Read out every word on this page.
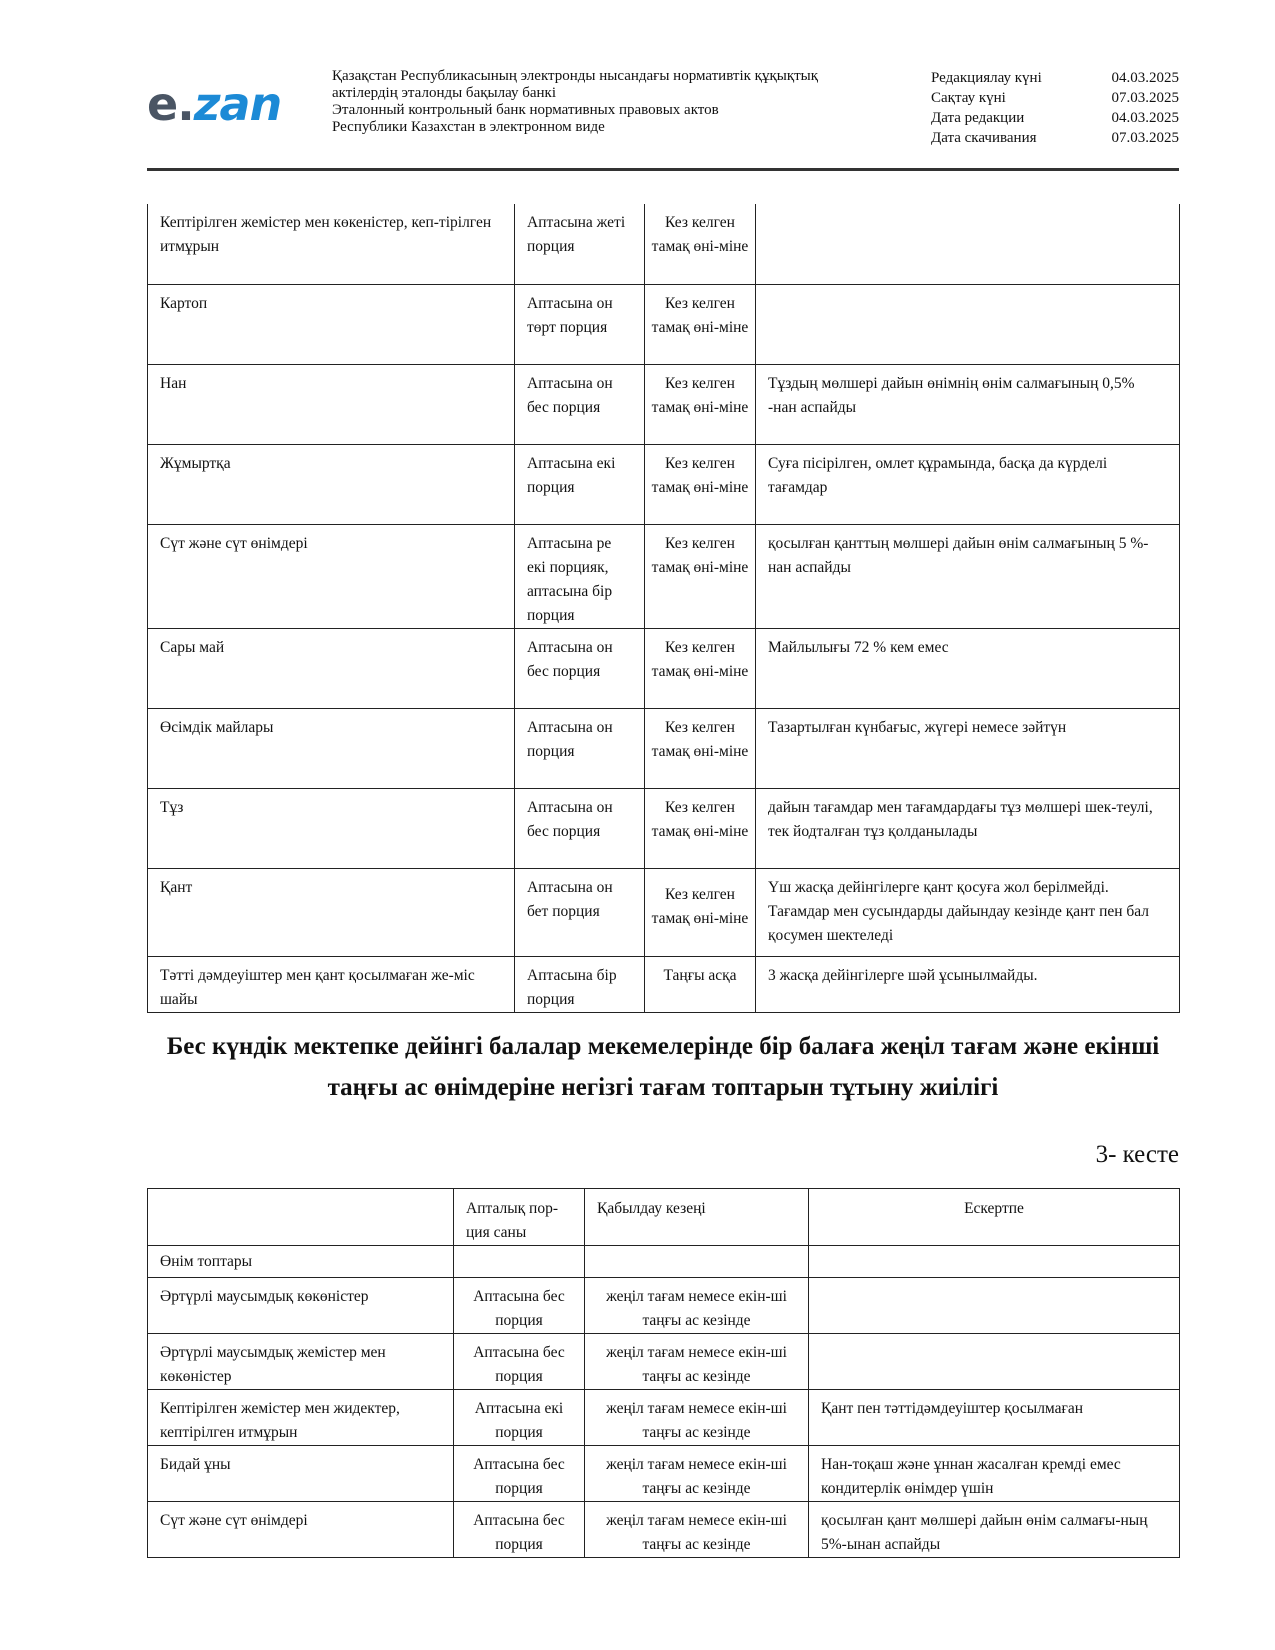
e.zan
Қазақстан Республикасының электронды нысандағы нормативтік құқықтық
актілердің эталонды бақылау банкі
Эталонный контрольный банк нормативных правовых актов
Республики Казахстан в электронном виде
Редакциялау күні	04.03.2025
Сақтау күні	07.03.2025
Дата редакции	04.03.2025
Дата скачивания	07.03.2025
Кептірілген жемістер мен көкеністер, кеп-тірілген итмұрын	Аптасына жеті порция	Кез келген тамақ өні-міне	
Картоп	Аптасына он төрт порция	Кез келген тамақ өні-міне	
Нан	Аптасына он бес порция	Кез келген тамақ өні-міне	Тұздың мөлшері дайын өнімнің өнім салмағының 0,5% -нан аспайды
Жұмыртқа	Аптасына екі порция	Кез келген тамақ өні-міне	Суға пісірілген, омлет құрамында, басқа да күрделі тағамдар
Сүт және сүт өнімдері	Аптасына ре екі порцияк, аптасына бір порция	Кез келген тамақ өні-міне	қосылған қанттың мөлшері дайын өнім салмағының 5 %-нан аспайды
Сары май	Аптасына он бес порция	Кез келген тамақ өні-міне	Майлылығы 72 % кем емес
Өсімдік майлары	Аптасына он порция	Кез келген тамақ өні-міне	Тазартылған күнбағыс, жүгері немесе зәйтүн
Тұз	Аптасына он бес порция	Кез келген тамақ өні-міне	дайын тағамдар мен тағамдардағы тұз мөлшері шек-теулі, тек йодталған тұз қолданылады
Қант	Аптасына он бет порция	Кез келген тамақ өні-міне	Үш жасқа дейінгілерге қант қосуға жол берілмейді. Тағамдар мен сусындарды дайындау кезінде қант пен бал қосумен шектеледі
Тәтті дәмдеуіштер мен қант қосылмаған же-міс шайы	Аптасына бір порция	Таңғы асқа	3 жасқа дейінгілерге шәй ұсынылмайды.
Бес күндік мектепке дейінгі балалар мекемелерінде бір балаға жеңіл тағам және екінші таңғы ас өнімдеріне негізгі тағам топтарын тұтыну жиілігі
3- кесте
	Апталық пор-ция саны	Қабылдау кезеңі	Ескертпе
Өнім топтары			
Әртүрлі маусымдық көкөністер	Аптасына бес порция	жеңіл тағам немесе екін-ші таңғы ас кезінде	
Әртүрлі маусымдық жемістер мен көкөністер	Аптасына бес порция	жеңіл тағам немесе екін-ші таңғы ас кезінде	
Кептірілген жемістер мен жидектер, кептірілген итмұрын	Аптасына екі порция	жеңіл тағам немесе екін-ші таңғы ас кезінде	Қант пен тәттідәмдеуіштер қосылмаған
Бидай ұны	Аптасына бес порция	жеңіл тағам немесе екін-ші таңғы ас кезінде	Нан-тоқаш және ұннан жасалған кремді емес кондитерлік өнімдер үшін
Сүт және сүт өнімдері	Аптасына бес порция	жеңіл тағам немесе екін-ші таңғы ас кезінде	қосылған қант мөлшері дайын өнім салмағы-ның 5%-ынан аспайды
